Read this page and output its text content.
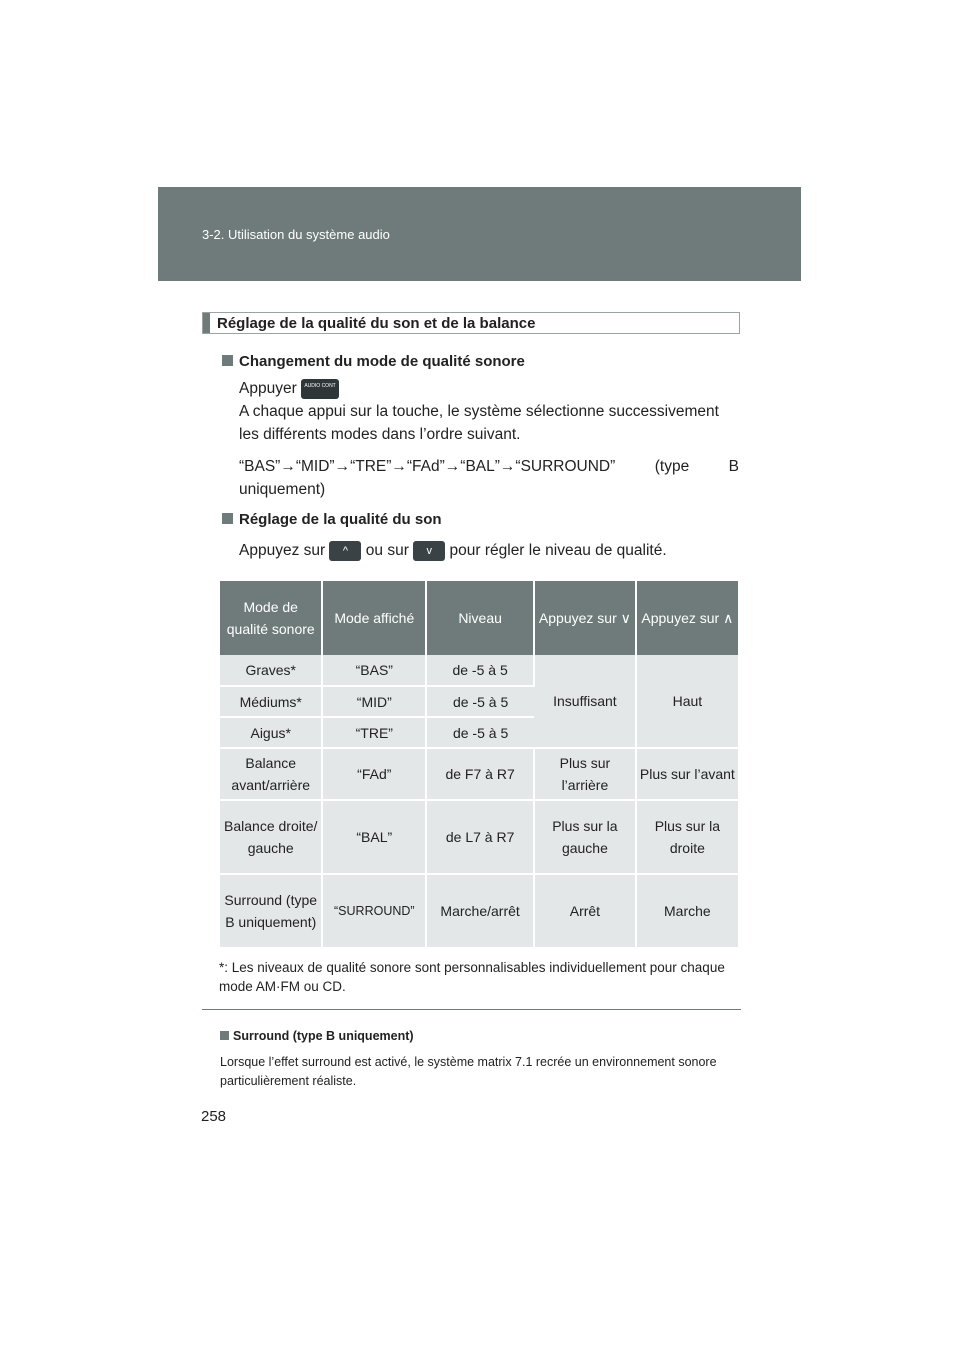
3-2. Utilisation du système audio
Réglage de la qualité du son et de la balance
Changement du mode de qualité sonore
Appuyer AUDIO CONT
A chaque appui sur la touche, le système sélectionne successivement les différents modes dans l’ordre suivant.
“BAS”→“MID”→“TRE”→“FAd”→“BAL”→“SURROUND” (type B uniquement)
Réglage de la qualité du son
Appuyez sur ^ ou sur v pour régler le niveau de qualité.
Mode de qualité sonore	Mode affiché	Niveau	Appuyez sur ∨	Appuyez sur ∧
Graves*	“BAS”	de -5 à 5	Insuffisant	Haut
Médiums*	“MID”	de -5 à 5		
Aigus*	“TRE”	de -5 à 5		
Balance avant/arrière	“FAd”	de F7 à R7	Plus sur l’arrière	Plus sur l’avant
Balance droite/ gauche	“BAL”	de L7 à R7	Plus sur la gauche	Plus sur la droite
Surround (type B uniquement)	“SURROUND”	Marche/arrêt	Arrêt	Marche
*: Les niveaux de qualité sonore sont personnalisables individuellement pour chaque mode AM·FM ou CD.
Surround (type B uniquement)
Lorsque l’effet surround est activé, le système matrix 7.1 recrée un environnement sonore particulièrement réaliste.
258
